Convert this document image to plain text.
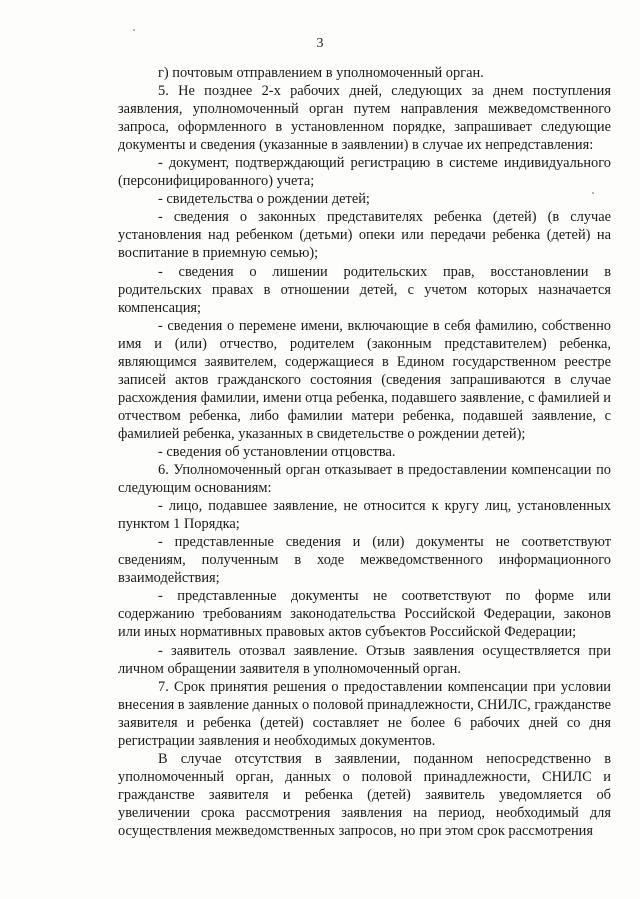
3

г) почтовым отправлением в уполномоченный орган.

5. Не позднее 2-х рабочих дней, следующих за днем поступления заявления, уполномоченный орган путем направления межведомственного запроса, оформленного в установленном порядке, запрашивает следующие документы и сведения (указанные в заявлении) в случае их непредставления:

- документ, подтверждающий регистрацию в системе индивидуального (персонифицированного) учета;

- свидетельства о рождении детей;

- сведения о законных представителях ребенка (детей) (в случае установления над ребенком (детьми) опеки или передачи ребенка (детей) на воспитание в приемную семью);

- сведения о лишении родительских прав, восстановлении в родительских правах в отношении детей, с учетом которых назначается компенсация;

- сведения о перемене имени, включающие в себя фамилию, собственно имя и (или) отчество, родителем (законным представителем) ребенка, являющимся заявителем, содержащиеся в Едином государственном реестре записей актов гражданского состояния (сведения запрашиваются в случае расхождения фамилии, имени отца ребенка, подавшего заявление, с фамилией и отчеством ребенка, либо фамилии матери ребенка, подавшей заявление, с фамилией ребенка, указанных в свидетельстве о рождении детей);

- сведения об установлении отцовства.

6. Уполномоченный орган отказывает в предоставлении компенсации по следующим основаниям:

- лицо, подавшее заявление, не относится к кругу лиц, установленных пунктом 1 Порядка;

- представленные сведения и (или) документы не соответствуют сведениям, полученным в ходе межведомственного информационного взаимодействия;

- представленные документы не соответствуют по форме или содержанию требованиям законодательства Российской Федерации, законов или иных нормативных правовых актов субъектов Российской Федерации;

- заявитель отозвал заявление. Отзыв заявления осуществляется при личном обращении заявителя в уполномоченный орган.

7. Срок принятия решения о предоставлении компенсации при условии внесения в заявление данных о половой принадлежности, СНИЛС, гражданстве заявителя и ребенка (детей) составляет не более 6 рабочих дней со дня регистрации заявления и необходимых документов.

В случае отсутствия в заявлении, поданном непосредственно в уполномоченный орган, данных о половой принадлежности, СНИЛС и гражданстве заявителя и ребенка (детей) заявитель уведомляется об увеличении срока рассмотрения заявления на период, необходимый для осуществления межведомственных запросов, но при этом срок рассмотрения
